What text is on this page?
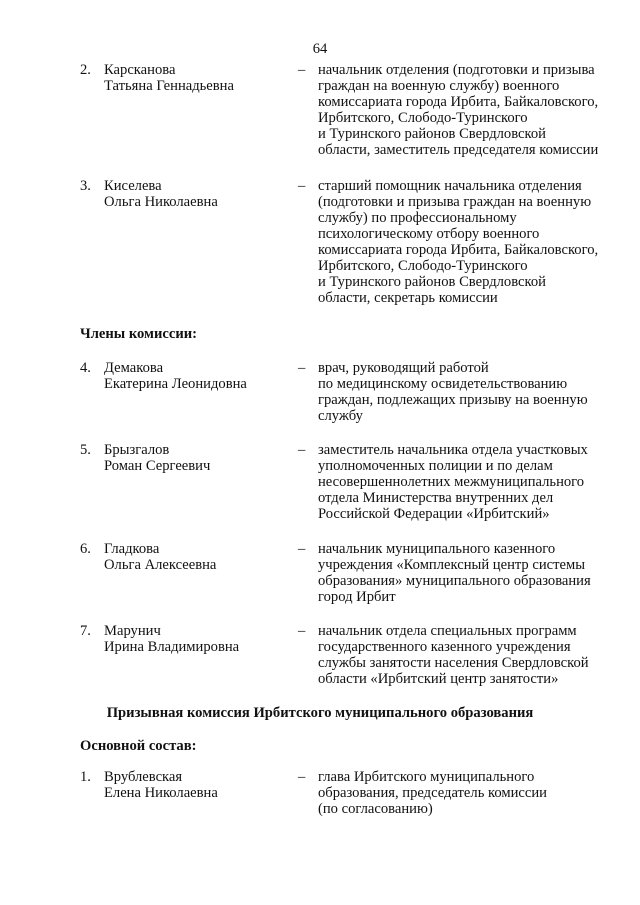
64
2. Карсканова
Татьяна Геннадьевна
– начальник отделения (подготовки и призыва
граждан на военную службу) военного
комиссариата города Ирбита, Байкаловского,
Ирбитского, Слободо-Туринского
и Туринского районов Свердловской
области, заместитель председателя комиссии
3. Киселева
Ольга Николаевна
– старший помощник начальника отделения
(подготовки и призыва граждан на военную
службу) по профессиональному
психологическому отбору военного
комиссариата города Ирбита, Байкаловского,
Ирбитского, Слободо-Туринского
и Туринского районов Свердловской
области, секретарь комиссии
Члены комиссии:
4. Демакова
Екатерина Леонидовна
– врач, руководящий работой
по медицинскому освидетельствованию
граждан, подлежащих призыву на военную
службу
5. Брызгалов
Роман Сергеевич
– заместитель начальника отдела участковых
уполномоченных полиции и по делам
несовершеннолетних межмуниципального
отдела Министерства внутренних дел
Российской Федерации «Ирбитский»
6. Гладкова
Ольга Алексеевна
– начальник муниципального казенного
учреждения «Комплексный центр системы
образования» муниципального образования
город Ирбит
7. Марунич
Ирина Владимировна
– начальник отдела специальных программ
государственного казенного учреждения
службы занятости населения Свердловской
области «Ирбитский центр занятости»
Призывная комиссия Ирбитского муниципального образования
Основной состав:
1. Врублевская
Елена Николаевна
– глава Ирбитского муниципального
образования, председатель комиссии
(по согласованию)
